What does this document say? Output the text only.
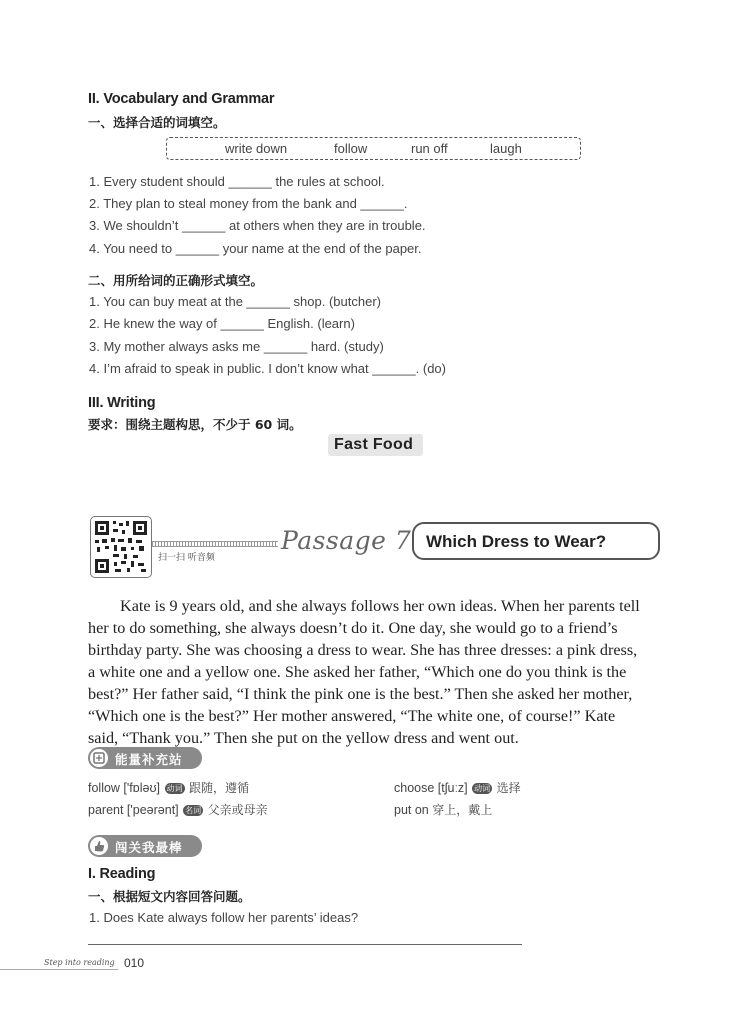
II. Vocabulary and Grammar
一、选择合适的词填空。
write down	follow	run off	laugh
1. Every student should ______ the rules at school.
2. They plan to steal money from the bank and ______.
3. We shouldn’t ______ at others when they are in trouble.
4. You need to ______ your name at the end of the paper.
二、用所给词的正确形式填空。
1. You can buy meat at the ______ shop. (butcher)
2. He knew the way of ______ English. (learn)
3. My mother always asks me ______ hard. (study)
4. I’m afraid to speak in public. I don’t know what ______. (do)
III. Writing
要求：围绕主题构思，不少于 60 词。
Fast Food
扫一扫 听音频
Passage 7 Which Dress to Wear?
Kate is 9 years old, and she always follows her own ideas. When her parents tell
her to do something, she always doesn’t do it. One day, she would go to a friend’s
birthday party. She was choosing a dress to wear. She has three dresses: a pink dress,
a white one and a yellow one. She asked her father, “Which one do you think is the
best?” Her father said, “I think the pink one is the best.” Then she asked her mother,
“Which one is the best?” Her mother answered, “The white one, of course!” Kate
said, “Thank you.” Then she put on the yellow dress and went out.
能量补充站
follow ['fɒləʊ] 动词 跟随，遵循	choose [tʃuːz] 动词 选择
parent ['peərənt] 名词 父亲或母亲	put on 穿上，戴上
闯关我最棒
I. Reading
一、根据短文内容回答问题。
1. Does Kate always follow her parents’ ideas?
Step into reading 010
